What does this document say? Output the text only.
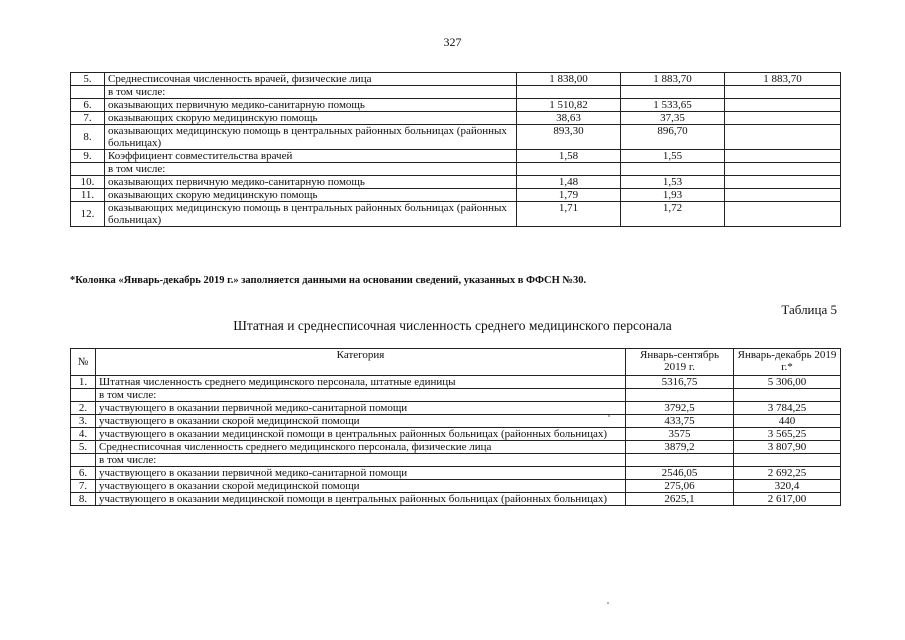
327
5.	Среднесписочная численность врачей, физические лица	1 838,00	1 883,70	1 883,70
	в том числе:			
6.	оказывающих первичную медико-санитарную помощь	1 510,82	1 533,65	
7.	оказывающих скорую медицинскую помощь	38,63	37,35	
8.	оказывающих медицинскую помощь в центральных районных больницах (районных больницах)	893,30	896,70	
9.	Коэффициент совместительства врачей	1,58	1,55	
	в том числе:			
10.	оказывающих первичную медико-санитарную помощь	1,48	1,53	
11.	оказывающих скорую медицинскую помощь	1,79	1,93	
12.	оказывающих медицинскую помощь в центральных районных больницах (районных больницах)	1,71	1,72	
*Колонка «Январь-декабрь 2019 г.» заполняется данными на основании сведений, указанных в ФФСН №30.
Таблица 5
Штатная и среднесписочная численность среднего медицинского персонала
№	Категория	Январь-сентябрь 2019 г.	Январь-декабрь 2019 г.*
1.	Штатная численность среднего медицинского персонала, штатные единицы	5316,75	5 306,00
	в том числе:		
2.	участвующего в оказании первичной медико-санитарной помощи	3792,5	3 784,25
3.	участвующего в оказании скорой медицинской помощи	433,75	440
4.	участвующего в оказании медицинской помощи в центральных районных больницах (районных больницах)	3575	3 565,25
5.	Среднесписочная численность среднего медицинского персонала, физические лица	3879,2	3 807,90
	в том числе:		
6.	участвующего в оказании первичной медико-санитарной помощи	2546,05	2 692,25
7.	участвующего в оказании скорой медицинской помощи	275,06	320,4
8.	участвующего в оказании медицинской помощи в центральных районных больницах (районных больницах)	2625,1	2 617,00
